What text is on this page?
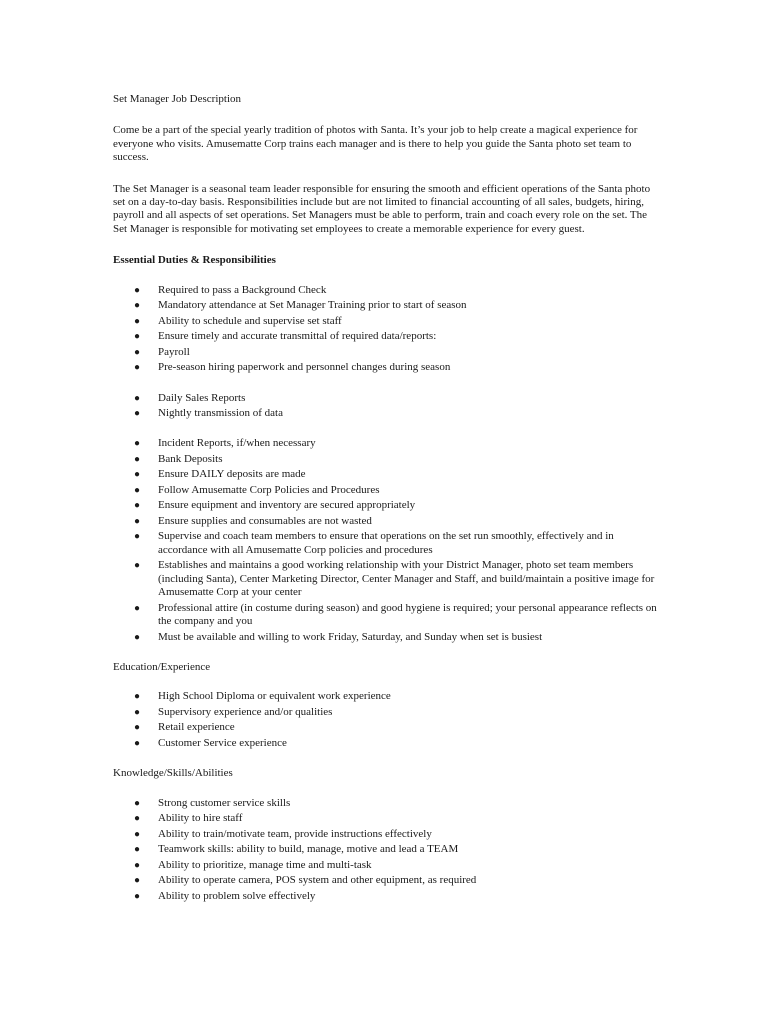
Set Manager Job Description

Come be a part of the special yearly tradition of photos with Santa. It’s your job to help create a magical experience for everyone who visits. Amusematte Corp trains each manager and is there to help you guide the Santa photo set team to success.

The Set Manager is a seasonal team leader responsible for ensuring the smooth and efficient operations of the Santa photo set on a day-to-day basis. Responsibilities include but are not limited to financial accounting of all sales, budgets, hiring, payroll and all aspects of set operations. Set Managers must be able to perform, train and coach every role on the set. The Set Manager is responsible for motivating set employees to create a memorable experience for every guest.

Essential Duties & Responsibilities
● Required to pass a Background Check
● Mandatory attendance at Set Manager Training prior to start of season
● Ability to schedule and supervise set staff
● Ensure timely and accurate transmittal of required data/reports:
● Payroll
● Pre-season hiring paperwork and personnel changes during season
● Daily Sales Reports
● Nightly transmission of data
● Incident Reports, if/when necessary
● Bank Deposits
● Ensure DAILY deposits are made
● Follow Amusematte Corp Policies and Procedures
● Ensure equipment and inventory are secured appropriately
● Ensure supplies and consumables are not wasted
● Supervise and coach team members to ensure that operations on the set run smoothly, effectively and in accordance with all Amusematte Corp policies and procedures
● Establishes and maintains a good working relationship with your District Manager, photo set team members (including Santa), Center Marketing Director, Center Manager and Staff, and build/maintain a positive image for Amusematte Corp at your center
● Professional attire (in costume during season) and good hygiene is required; your personal appearance reflects on the company and you
● Must be available and willing to work Friday, Saturday, and Sunday when set is busiest
Education/Experience
● High School Diploma or equivalent work experience
● Supervisory experience and/or qualities
● Retail experience
● Customer Service experience
Knowledge/Skills/Abilities
● Strong customer service skills
● Ability to hire staff
● Ability to train/motivate team, provide instructions effectively
● Teamwork skills: ability to build, manage, motive and lead a TEAM
● Ability to prioritize, manage time and multi-task
● Ability to operate camera, POS system and other equipment, as required
● Ability to problem solve effectively
